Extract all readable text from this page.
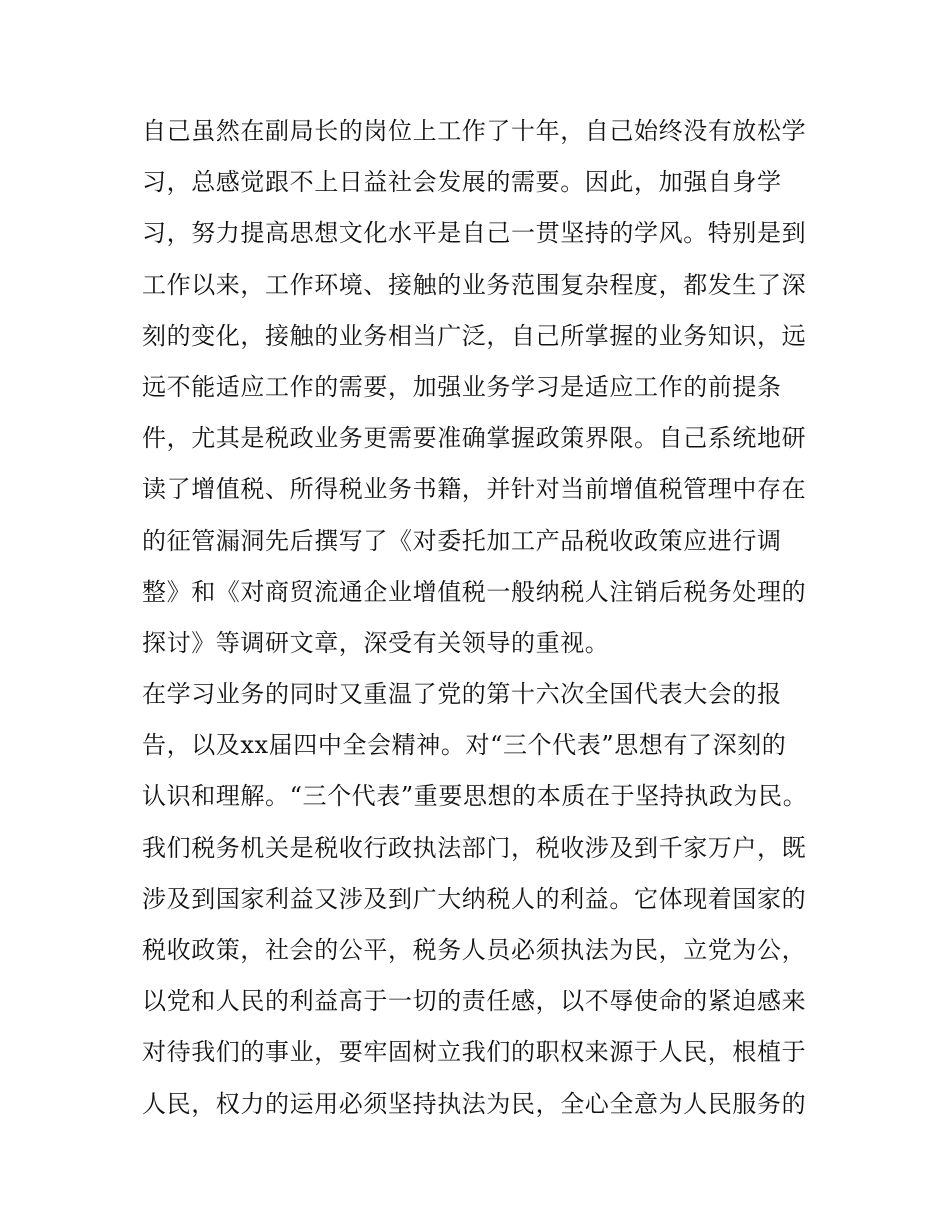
自己虽然在副局长的岗位上工作了十年，自己始终没有放松学
习，总感觉跟不上日益社会发展的需要。因此，加强自身学
习，努力提高思想文化水平是自己一贯坚持的学风。特别是到
工作以来，工作环境、接触的业务范围复杂程度，都发生了深
刻的变化，接触的业务相当广泛，自己所掌握的业务知识，远
远不能适应工作的需要，加强业务学习是适应工作的前提条
件，尤其是税政业务更需要准确掌握政策界限。自己系统地研
读了增值税、所得税业务书籍，并针对当前增值税管理中存在
的征管漏洞先后撰写了《对委托加工产品税收政策应进行调
整》和《对商贸流通企业增值税一般纳税人注销后税务处理的
探讨》等调研文章，深受有关领导的重视。
在学习业务的同时又重温了党的第十六次全国代表大会的报
告，以及xx届四中全会精神。对“三个代表”思想有了深刻的
认识和理解。“三个代表”重要思想的本质在于坚持执政为民。
我们税务机关是税收行政执法部门，税收涉及到千家万户，既
涉及到国家利益又涉及到广大纳税人的利益。它体现着国家的
税收政策，社会的公平，税务人员必须执法为民，立党为公，
以党和人民的利益高于一切的责任感，以不辱使命的紧迫感来
对待我们的事业，要牢固树立我们的职权来源于人民，根植于
人民，权力的运用必须坚持执法为民，全心全意为人民服务的
